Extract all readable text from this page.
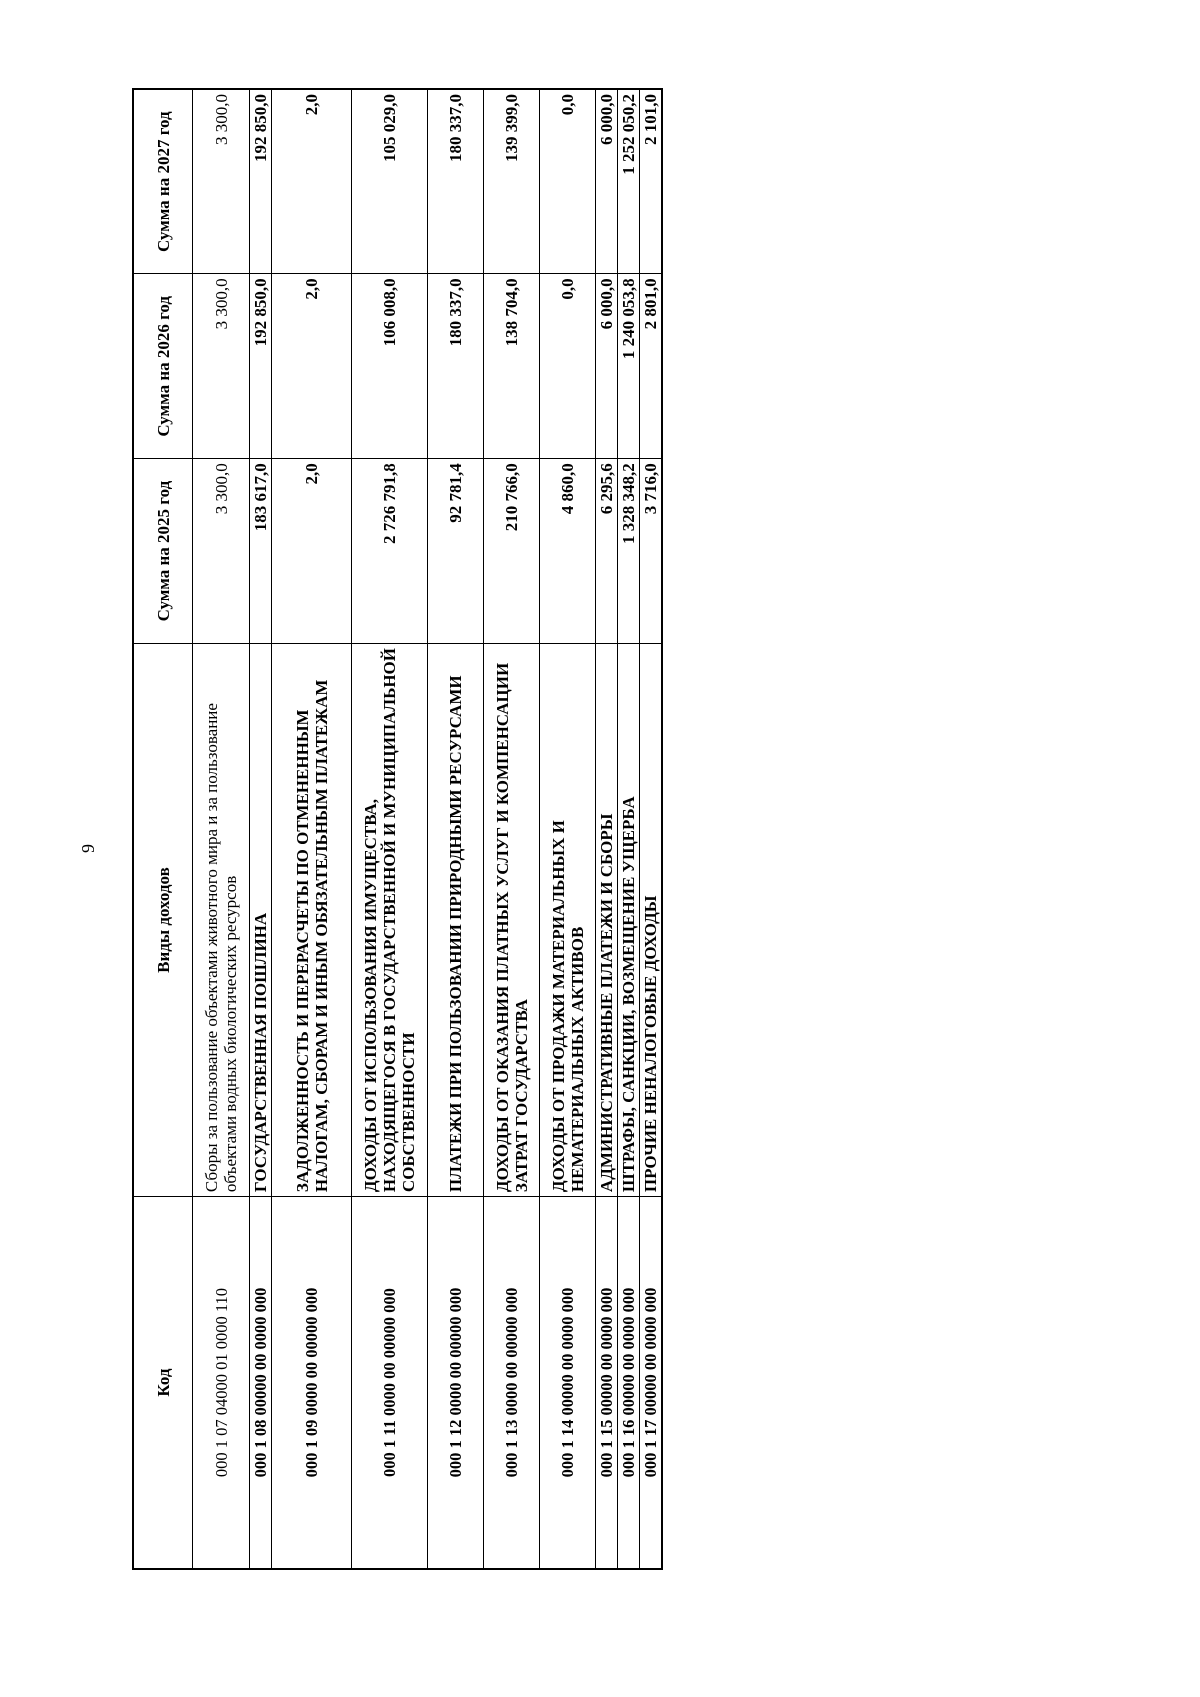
9
Код	Виды доходов	Сумма на 2025 год	Сумма на 2026 год	Сумма на 2027 год
000 1 07 04000 01 0000 110	Сборы за пользование объектами животного мира и за пользование объектами водных биологических ресурсов	3 300,0	3 300,0	3 300,0
000 1 08 00000 00 0000 000	ГОСУДАРСТВЕННАЯ ПОШЛИНА	183 617,0	192 850,0	192 850,0
000 1 09 0000 00 00000 000	ЗАДОЛЖЕННОСТЬ И ПЕРЕРАСЧЕТЫ ПО ОТМЕНЕННЫМ НАЛОГАМ, СБОРАМ И ИНЫМ ОБЯЗАТЕЛЬНЫМ ПЛАТЕЖАМ	2,0	2,0	2,0
000 1 11 0000 00 00000 000	ДОХОДЫ ОТ ИСПОЛЬЗОВАНИЯ ИМУЩЕСТВА, НАХОДЯЩЕГОСЯ В ГОСУДАРСТВЕННОЙ И МУНИЦИПАЛЬНОЙ СОБСТВЕННОСТИ	2 726 791,8	106 008,0	105 029,0
000 1 12 0000 00 00000 000	ПЛАТЕЖИ ПРИ ПОЛЬЗОВАНИИ ПРИРОДНЫМИ РЕСУРСАМИ	92 781,4	180 337,0	180 337,0
000 1 13 0000 00 00000 000	ДОХОДЫ ОТ ОКАЗАНИЯ ПЛАТНЫХ УСЛУГ И КОМПЕНСАЦИИ ЗАТРАТ ГОСУДАРСТВА	210 766,0	138 704,0	139 399,0
000 1 14 00000 00 0000 000	ДОХОДЫ ОТ ПРОДАЖИ МАТЕРИАЛЬНЫХ И НЕМАТЕРИАЛЬНЫХ АКТИВОВ	4 860,0	0,0	0,0
000 1 15 00000 00 0000 000	АДМИНИСТРАТИВНЫЕ ПЛАТЕЖИ И СБОРЫ	6 295,6	6 000,0	6 000,0
000 1 16 00000 00 0000 000	ШТРАФЫ, САНКЦИИ, ВОЗМЕЩЕНИЕ УЩЕРБА	1 328 348,2	1 240 053,8	1 252 050,2
000 1 17 00000 00 0000 000	ПРОЧИЕ НЕНАЛОГОВЫЕ ДОХОДЫ	3 716,0	2 801,0	2 101,0
